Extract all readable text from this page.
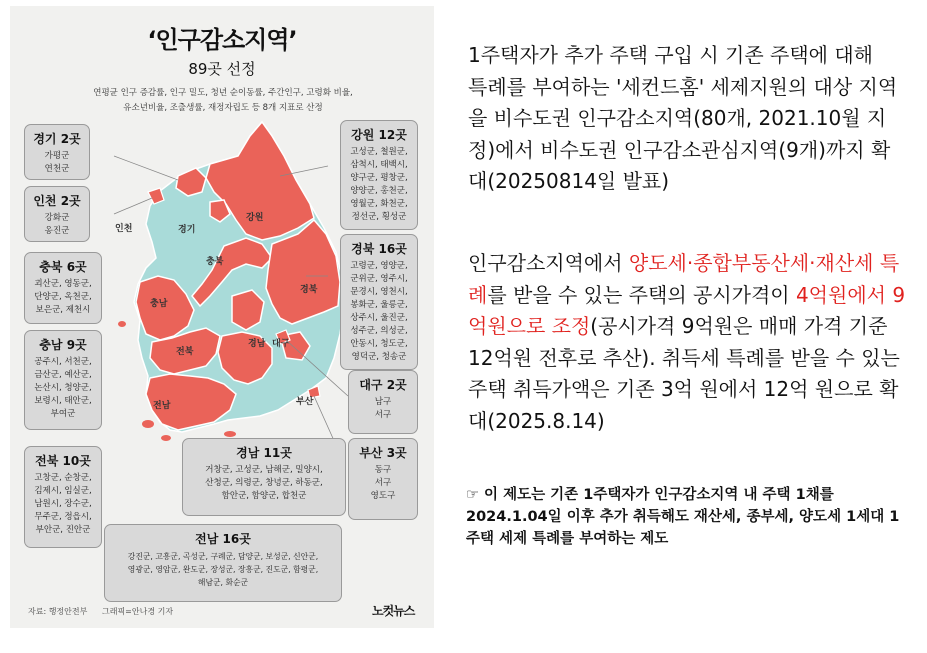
‘인구감소지역’
89곳 선정
연평균 인구 증감률, 인구 밀도, 청년 순이동률, 주간인구, 고령화 비율,
유소년비율, 조출생률, 재정자립도 등 8개 지표로 산정
인천	경기
강원
충북
충남
경북
대구
전북
경남
부산
전남
경기 2곳
가평군
연천군
인천 2곳
강화군
옹진군
충북 6곳
괴산군, 영동군,
단양군, 옥천군,
보은군, 제천시
충남 9곳
공주시, 서천군,
금산군, 예산군,
논산시, 청양군,
보령시, 태안군,
부여군
전북 10곳
고창군, 순창군,
김제시, 임실군,
남원시, 장수군,
무주군, 정읍시,
부안군, 진안군
강원 12곳
고성군, 철원군,
삼척시, 태백시,
양구군, 평창군,
양양군, 홍천군,
영월군, 화천군,
정선군, 횡성군
경북 16곳
고령군, 영양군,
군위군, 영주시,
문경시, 영천시,
봉화군, 울릉군,
상주시, 울진군,
성주군, 의성군,
안동시, 청도군,
영덕군, 청송군
대구 2곳
남구
서구
부산 3곳
동구
서구
영도구
경남 11곳
거창군, 고성군, 남해군, 밀양시,
산청군, 의령군, 창녕군, 하동군,
함안군, 함양군, 합천군
전남 16곳
강진군, 고흥군, 곡성군, 구례군, 담양군, 보성군, 신안군,
영광군, 영암군, 완도군, 장성군, 장흥군, 진도군, 함평군,
해남군, 화순군
자료: 행정안전부 그래픽=안나경 기자	노컷뉴스
1주택자가 추가 주택 구입 시 기존 주택에 대해 특례를 부여하는 '세컨드홈' 세제지원의 대상 지역을 비수도권 인구감소지역(80개, 2021.10월 지정)에서 비수도권 인구감소관심지역(9개)까지 확대(20250814일 발표)
인구감소지역에서 양도세·종합부동산세·재산세 특례를 받을 수 있는 주택의 공시가격이 4억원에서 9억원으로 조정(공시가격 9억원은 매매 가격 기준 12억원 전후로 추산). 취득세 특례를 받을 수 있는 주택 취득가액은 기존 3억 원에서 12억 원으로 확대(2025.8.14)
☞ 이 제도는 기존 1주택자가 인구감소지역 내 주택 1채를 2024.1.04일 이후 추가 취득해도 재산세, 종부세, 양도세 1세대 1주택 세제 특례를 부여하는 제도
